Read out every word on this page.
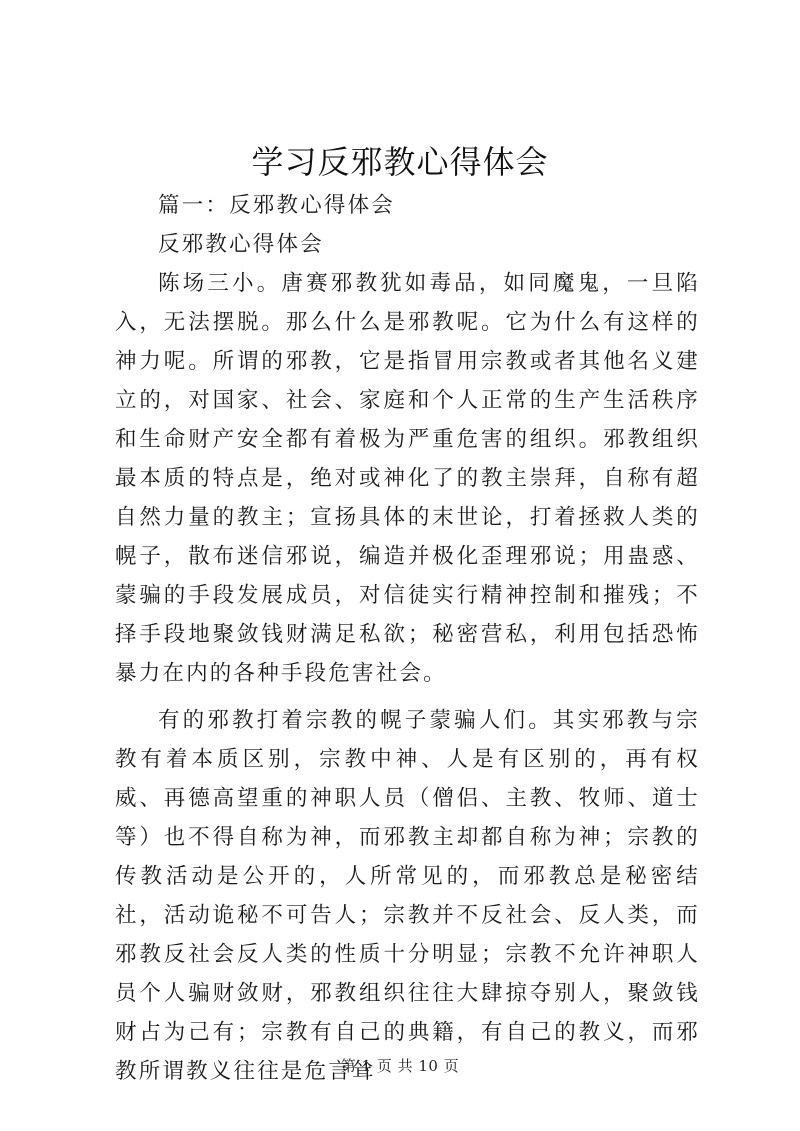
学习反邪教心得体会

篇一：反邪教心得体会

反邪教心得体会

陈场三小。唐赛邪教犹如毒品，如同魔鬼，一旦陷入，无法摆脱。那么什么是邪教呢。它为什么有这样的神力呢。所谓的邪教，它是指冒用宗教或者其他名义建立的，对国家、社会、家庭和个人正常的生产生活秩序和生命财产安全都有着极为严重危害的组织。邪教组织最本质的特点是，绝对或神化了的教主崇拜，自称有超自然力量的教主；宣扬具体的末世论，打着拯救人类的幌子，散布迷信邪说，编造并极化歪理邪说；用蛊惑、蒙骗的手段发展成员，对信徒实行精神控制和摧残；不择手段地聚敛钱财满足私欲；秘密营私，利用包括恐怖暴力在内的各种手段危害社会。

有的邪教打着宗教的幌子蒙骗人们。其实邪教与宗教有着本质区别，宗教中神、人是有区别的，再有权威、再德高望重的神职人员（僧侣、主教、牧师、道士等）也不得自称为神，而邪教主却都自称为神；宗教的传教活动是公开的，人所常见的，而邪教总是秘密结社，活动诡秘不可告人；宗教并不反社会、反人类，而邪教反社会反人类的性质十分明显；宗教不允许神职人员个人骗财敛财，邪教组织往往大肆掠夺别人，聚敛钱财占为己有；宗教有自己的典籍，有自己的教义，而邪教所谓教义往往是危言耸

第 1 页 共 10 页
